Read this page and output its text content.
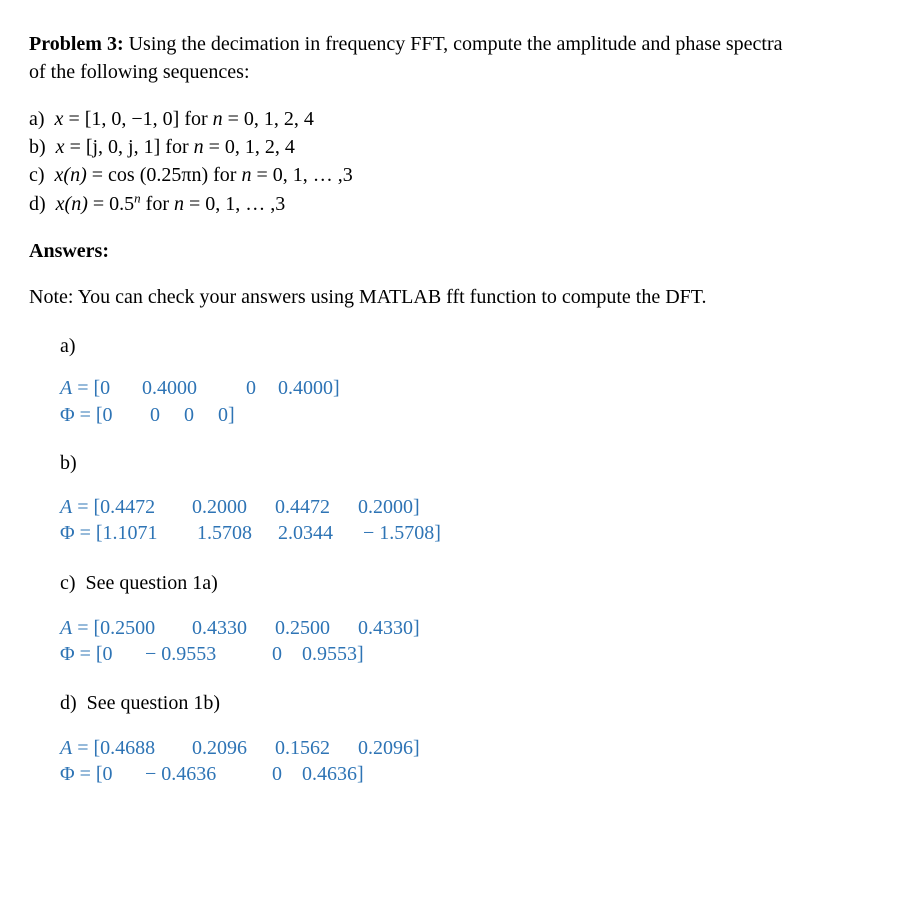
Problem 3: Using the decimation in frequency FFT, compute the amplitude and phase spectra
of the following sequences:
a) x = [1, 0, −1, 0] for n = 0, 1, 2, 4
b) x = [j, 0, j, 1] for n = 0, 1, 2, 4
c) x(n) = cos (0.25πn) for n = 0, 1, … ,3
d) $x(n) = 0.5^n$ for n = 0, 1, … ,3
Answers:
Note: You can check your answers using MATLAB fft function to compute the DFT.
a)
A = [0 0.4000 0 0.4000]
Φ = [0 0 0 0]
b)
A = [0.4472 0.2000 0.4472 0.2000]
Φ = [1.1071 1.5708 2.0344 − 1.5708]
c) See question 1a)
A = [0.2500 0.4330 0.2500 0.4330]
Φ = [0 − 0.9553	0 0.9553]
d) See question 1b)
A = [0.4688 0.2096 0.1562 0.2096]
Φ = [0 − 0.4636	0 0.4636]
